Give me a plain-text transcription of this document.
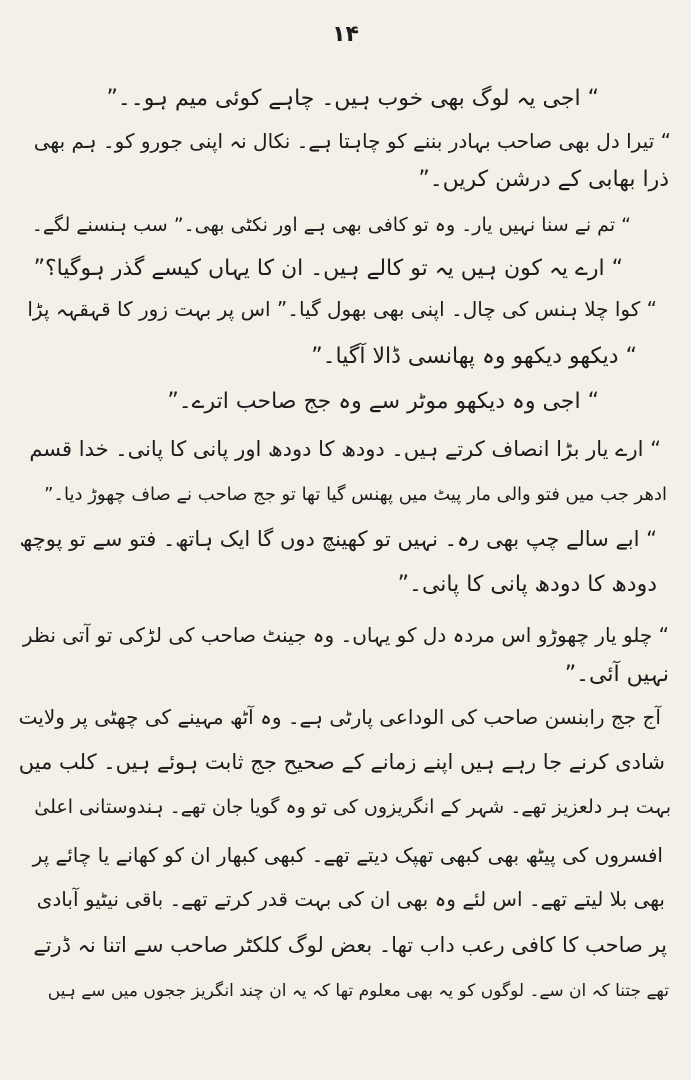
۱۴
“ اجی یہ لوگ بھی خوب ہیں۔ چاہے کوئی میم ہو۔۔”
“ تیرا دل بھی صاحب بہادر بننے کو چاہتا ہے۔ نکال نہ اپنی جورو کو۔ ہم بھی
ذرا بھابی کے درشن کریں۔”
“ تم نے سنا نہیں یار۔ وہ تو کافی بھی ہے اور نکٹی بھی۔” سب ہنسنے لگے۔
“ ارے یہ کون ہیں یہ تو کالے ہیں۔ ان کا یہاں کیسے گذر ہوگیا؟”
“ کوا چلا ہنس کی چال۔ اپنی بھی بھول گیا۔” اس پر بہت زور کا قہقہہ پڑا
“ دیکھو دیکھو وہ پھانسی ڈالا آگیا۔”
“ اجی وہ دیکھو موٹر سے وہ جج صاحب اترے۔”
“ ارے یار بڑا انصاف کرتے ہیں۔ دودھ کا دودھ اور پانی کا پانی۔ خدا قسم
ادھر جب میں فتو والی مار پیٹ میں پھنس گیا تھا تو جج صاحب نے صاف چھوڑ دیا۔”
“ ابے سالے چپ بھی رہ۔ نہیں تو کھینچ دوں گا ایک ہاتھ۔ فتو سے تو پوچھ
دودھ کا دودھ پانی کا پانی۔”
“ چلو یار چھوڑو اس مردہ دل کو یہاں۔ وہ جینٹ صاحب کی لڑکی تو آتی نظر
نہیں آئی۔”
آج جج رابنسن صاحب کی الوداعی پارٹی ہے۔ وہ آٹھ مہینے کی چھٹی پر ولایت
شادی کرنے جا رہے ہیں اپنے زمانے کے صحیح جج ثابت ہوئے ہیں۔ کلب میں
بہت ہر دلعزیز تھے۔ شہر کے انگریزوں کی تو وہ گویا جان تھے۔ ہندوستانی اعلیٰ
افسروں کی پیٹھ بھی کبھی تھپک دیتے تھے۔ کبھی کبھار ان کو کھانے یا چائے پر
بھی بلا لیتے تھے۔ اس لئے وہ بھی ان کی بہت قدر کرتے تھے۔ باقی نیٹیو آبادی
پر صاحب کا کافی رعب داب تھا۔ بعض لوگ کلکٹر صاحب سے اتنا نہ ڈرتے
تھے جتنا کہ ان سے۔ لوگوں کو یہ بھی معلوم تھا کہ یہ ان چند انگریز ججوں میں سے ہیں
